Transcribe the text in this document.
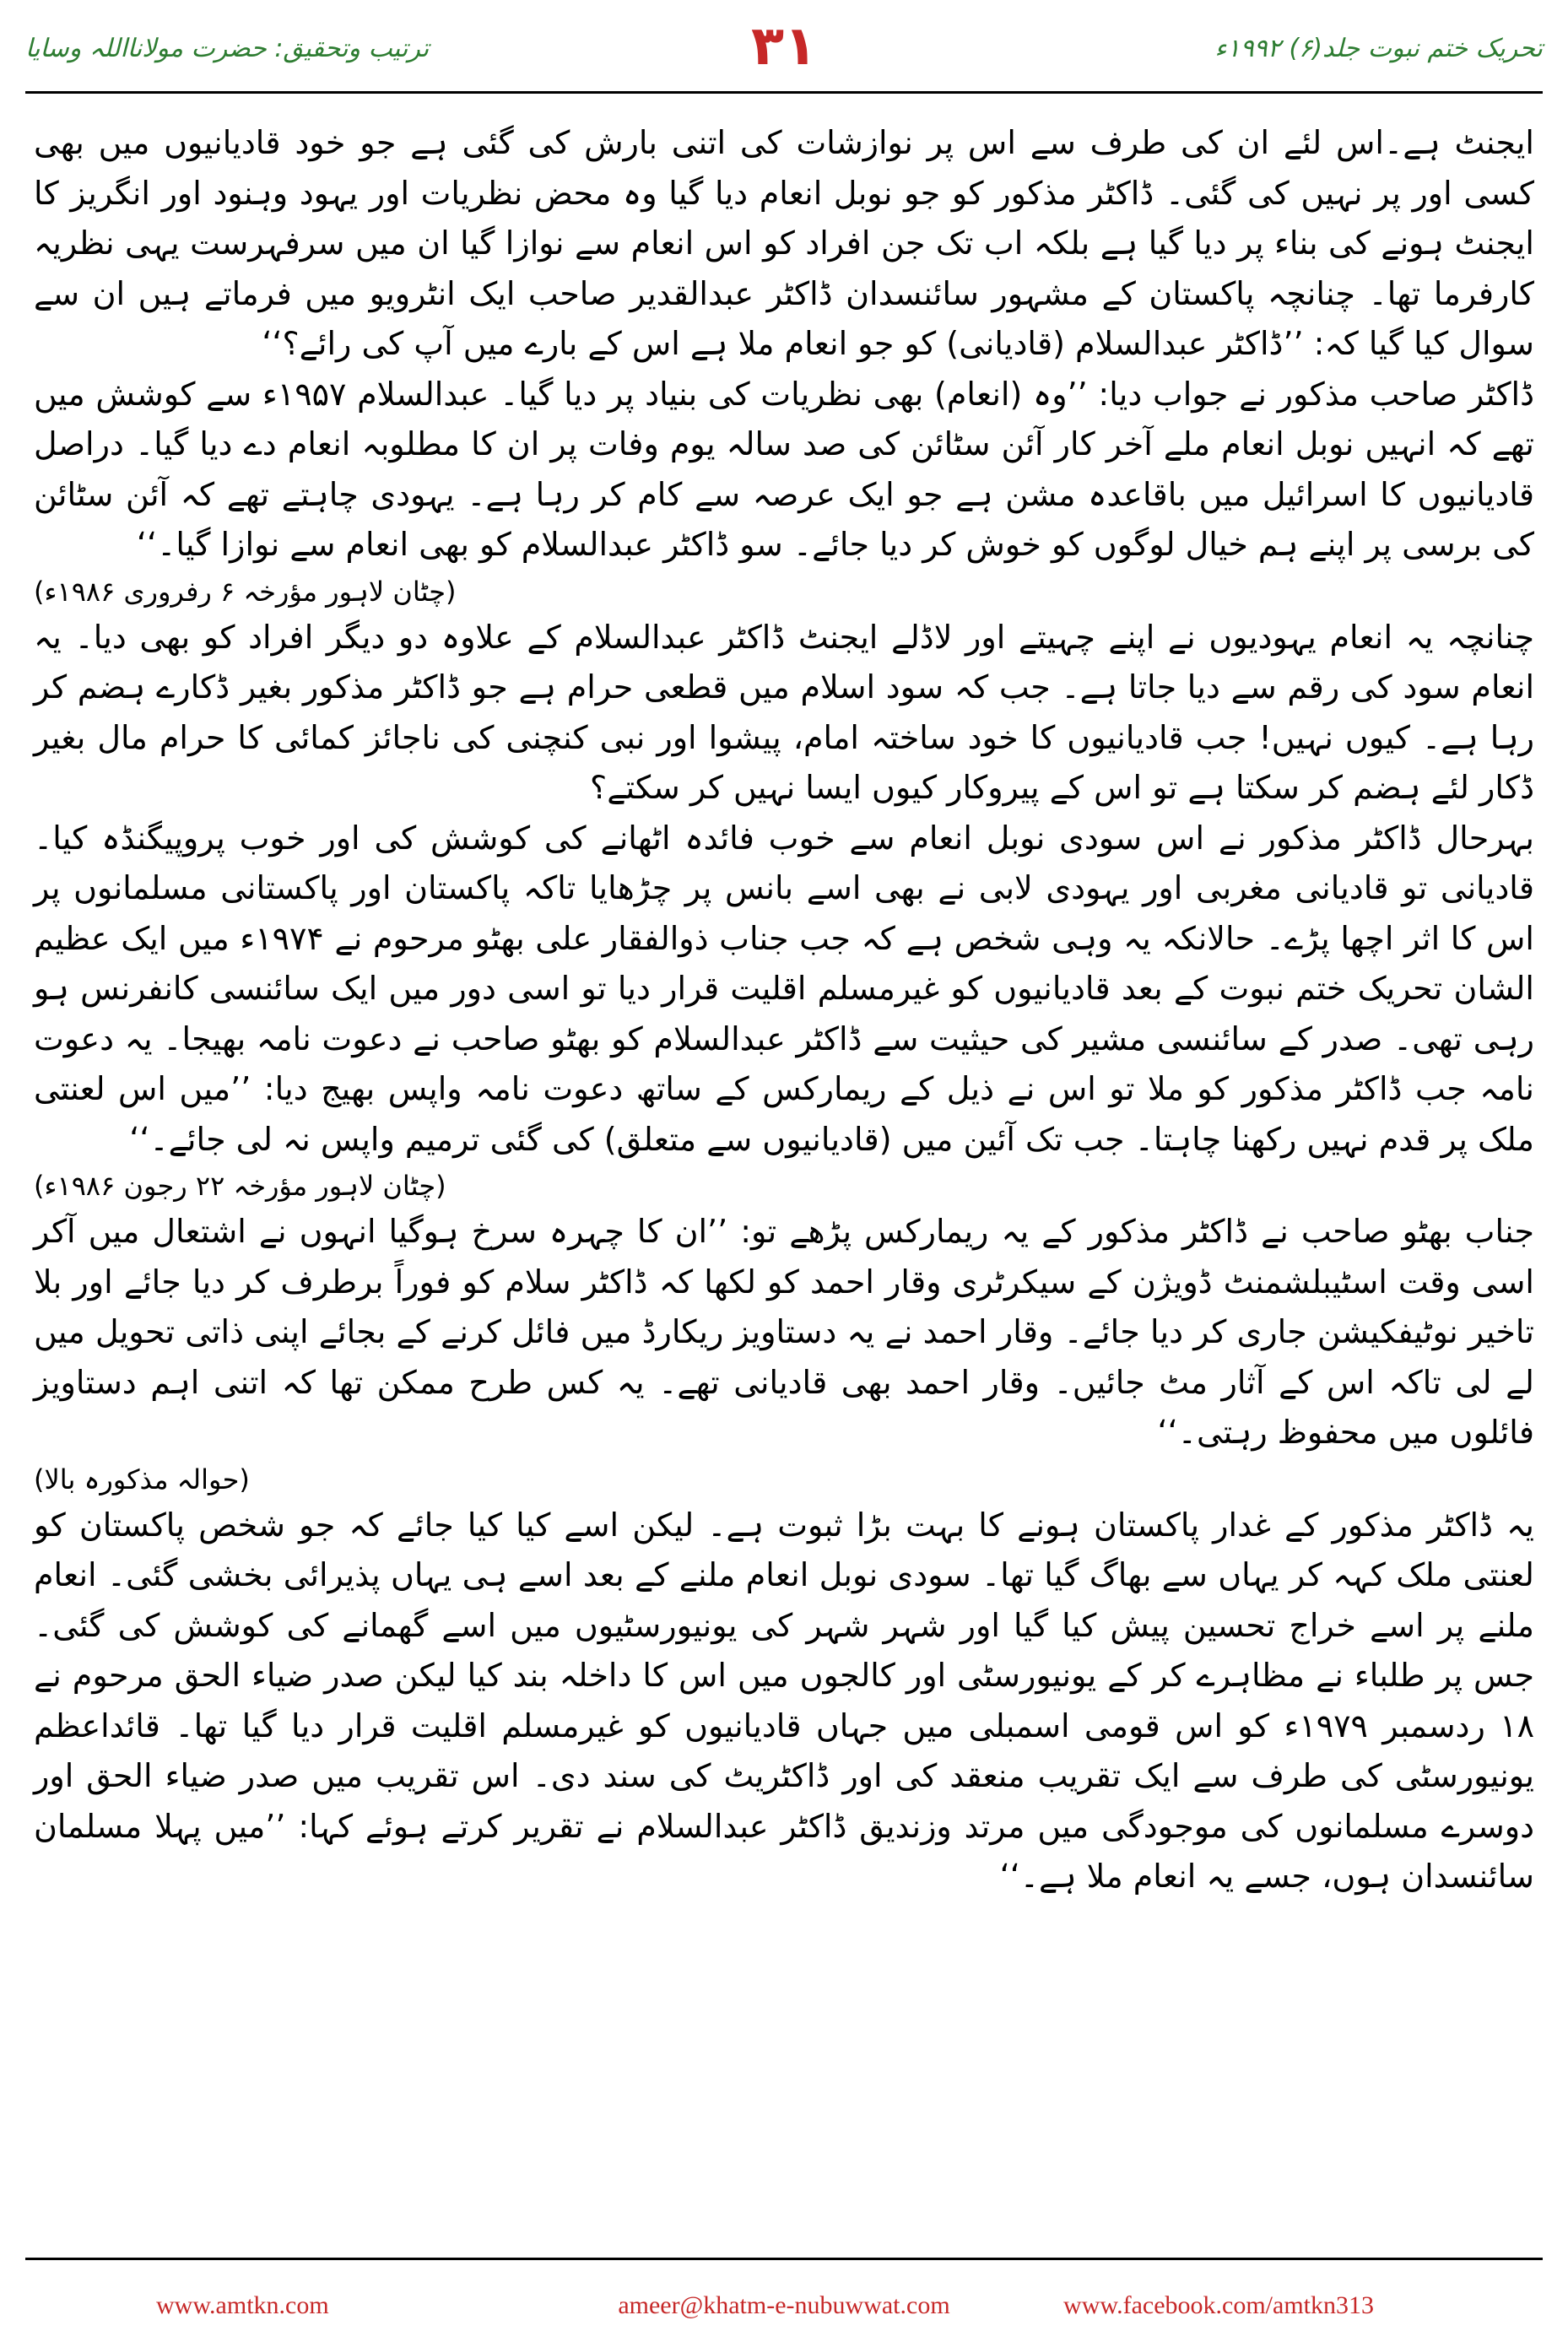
تحریک ختم نبوت جلد(۶) ۱۹۹۲ء
۳۱
ترتیب وتحقیق: حضرت مولانااللہ وسایا

ایجنٹ ہے۔اس لئے ان کی طرف سے اس پر نوازشات کی اتنی بارش کی گئی ہے جو خود قادیانیوں میں بھی کسی اور پر نہیں کی گئی۔ ڈاکٹر مذکور کو جو نوبل انعام دیا گیا وہ محض نظریات اور یہود وہنود اور انگریز کا ایجنٹ ہونے کی بناء پر دیا گیا ہے بلکہ اب تک جن افراد کو اس انعام سے نوازا گیا ان میں سرفہرست یہی نظریہ کارفرما تھا۔ چنانچہ پاکستان کے مشہور سائنسدان ڈاکٹر عبدالقدیر صاحب ایک انٹرویو میں فرماتے ہیں ان سے سوال کیا گیا کہ: ’’ڈاکٹر عبدالسلام (قادیانی) کو جو انعام ملا ہے اس کے بارے میں آپ کی رائے؟‘‘

ڈاکٹر صاحب مذکور نے جواب دیا: ’’وہ (انعام) بھی نظریات کی بنیاد پر دیا گیا۔ عبدالسلام ۱۹۵۷ء سے کوشش میں تھے کہ انہیں نوبل انعام ملے آخر کار آئن سٹائن کی صد سالہ یوم وفات پر ان کا مطلوبہ انعام دے دیا گیا۔ دراصل قادیانیوں کا اسرائیل میں باقاعدہ مشن ہے جو ایک عرصہ سے کام کر رہا ہے۔ یہودی چاہتے تھے کہ آئن سٹائن کی برسی پر اپنے ہم خیال لوگوں کو خوش کر دیا جائے۔ سو ڈاکٹر عبدالسلام کو بھی انعام سے نوازا گیا۔‘‘

(چٹان لاہور مؤرخہ ۶ رفروری ۱۹۸۶ء)

چنانچہ یہ انعام یہودیوں نے اپنے چہیتے اور لاڈلے ایجنٹ ڈاکٹر عبدالسلام کے علاوہ دو دیگر افراد کو بھی دیا۔ یہ انعام سود کی رقم سے دیا جاتا ہے۔ جب کہ سود اسلام میں قطعی حرام ہے جو ڈاکٹر مذکور بغیر ڈکارے ہضم کر رہا ہے۔ کیوں نہیں! جب قادیانیوں کا خود ساختہ امام، پیشوا اور نبی کنچنی کی ناجائز کمائی کا حرام مال بغیر ڈکار لئے ہضم کر سکتا ہے تو اس کے پیروکار کیوں ایسا نہیں کر سکتے؟

بہرحال ڈاکٹر مذکور نے اس سودی نوبل انعام سے خوب فائدہ اٹھانے کی کوشش کی اور خوب پروپیگنڈہ کیا۔ قادیانی تو قادیانی مغربی اور یہودی لابی نے بھی اسے بانس پر چڑھایا تاکہ پاکستان اور پاکستانی مسلمانوں پر اس کا اثر اچھا پڑے۔ حالانکہ یہ وہی شخص ہے کہ جب جناب ذوالفقار علی بھٹو مرحوم نے ۱۹۷۴ء میں ایک عظیم الشان تحریک ختم نبوت کے بعد قادیانیوں کو غیرمسلم اقلیت قرار دیا تو اسی دور میں ایک سائنسی کانفرنس ہو رہی تھی۔ صدر کے سائنسی مشیر کی حیثیت سے ڈاکٹر عبدالسلام کو بھٹو صاحب نے دعوت نامہ بھیجا۔ یہ دعوت نامہ جب ڈاکٹر مذکور کو ملا تو اس نے ذیل کے ریمارکس کے ساتھ دعوت نامہ واپس بھیج دیا: ’’میں اس لعنتی ملک پر قدم نہیں رکھنا چاہتا۔ جب تک آئین میں (قادیانیوں سے متعلق) کی گئی ترمیم واپس نہ لی جائے۔‘‘

(چٹان لاہور مؤرخہ ۲۲ رجون ۱۹۸۶ء)

جناب بھٹو صاحب نے ڈاکٹر مذکور کے یہ ریمارکس پڑھے تو: ’’ان کا چہرہ سرخ ہوگیا انہوں نے اشتعال میں آکر اسی وقت اسٹیبلشمنٹ ڈویژن کے سیکرٹری وقار احمد کو لکھا کہ ڈاکٹر سلام کو فوراً برطرف کر دیا جائے اور بلا تاخیر نوٹیفکیشن جاری کر دیا جائے۔ وقار احمد نے یہ دستاویز ریکارڈ میں فائل کرنے کے بجائے اپنی ذاتی تحویل میں لے لی تاکہ اس کے آثار مٹ جائیں۔ وقار احمد بھی قادیانی تھے۔ یہ کس طرح ممکن تھا کہ اتنی اہم دستاویز فائلوں میں محفوظ رہتی۔‘‘

(حوالہ مذکورہ بالا)

یہ ڈاکٹر مذکور کے غدار پاکستان ہونے کا بہت بڑا ثبوت ہے۔ لیکن اسے کیا کیا جائے کہ جو شخص پاکستان کو لعنتی ملک کہہ کر یہاں سے بھاگ گیا تھا۔ سودی نوبل انعام ملنے کے بعد اسے ہی یہاں پذیرائی بخشی گئی۔ انعام ملنے پر اسے خراج تحسین پیش کیا گیا اور شہر شہر کی یونیورسٹیوں میں اسے گھمانے کی کوشش کی گئی۔ جس پر طلباء نے مظاہرے کر کے یونیورسٹی اور کالجوں میں اس کا داخلہ بند کیا لیکن صدر ضیاء الحق مرحوم نے ۱۸ ردسمبر ۱۹۷۹ء کو اس قومی اسمبلی میں جہاں قادیانیوں کو غیرمسلم اقلیت قرار دیا گیا تھا۔ قائداعظم یونیورسٹی کی طرف سے ایک تقریب منعقد کی اور ڈاکٹریٹ کی سند دی۔ اس تقریب میں صدر ضیاء الحق اور دوسرے مسلمانوں کی موجودگی میں مرتد وزندیق ڈاکٹر عبدالسلام نے تقریر کرتے ہوئے کہا: ’’میں پہلا مسلمان سائنسدان ہوں، جسے یہ انعام ملا ہے۔‘‘

www.amtkn.com	ameer@khatm-e-nubuwwat.com	www.facebook.com/amtkn313
